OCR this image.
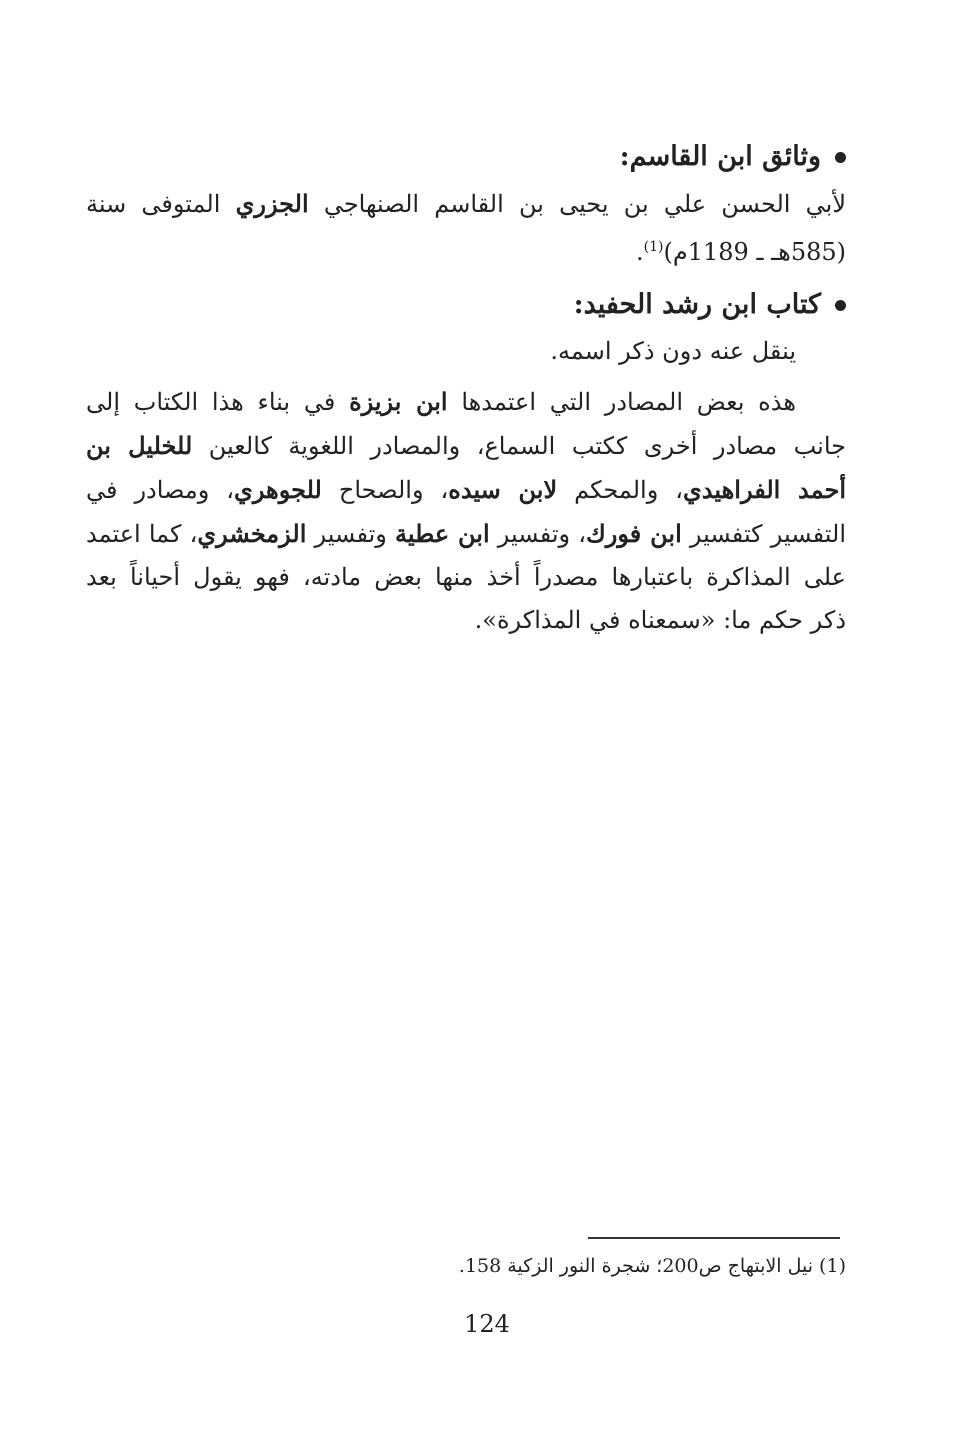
وثائق ابن القاسم:
لأبي الحسن علي بن يحيى بن القاسم الصنهاجي الجزري المتوفى سنة
(585هـ ـ 1189م)$^{(1)}$.
كتاب ابن رشد الحفيد:
ينقل عنه دون ذكر اسمه.
هذه بعض المصادر التي اعتمدها ابن بزيزة في بناء هذا الكتاب إلى
جانب مصادر أخرى ككتب السماع، والمصادر اللغوية كالعين للخليل بن
أحمد الفراهيدي، والمحكم لابن سيده، والصحاح للجوهري، ومصادر في
التفسير كتفسير ابن فورك، وتفسير ابن عطية وتفسير الزمخشري، كما اعتمد
على المذاكرة باعتبارها مصدراً أخذ منها بعض مادته، فهو يقول أحياناً بعد
ذكر حكم ما: «سمعناه في المذاكرة».
(1) نيل الابتهاج ص200؛ شجرة النور الزكية 158.
124
